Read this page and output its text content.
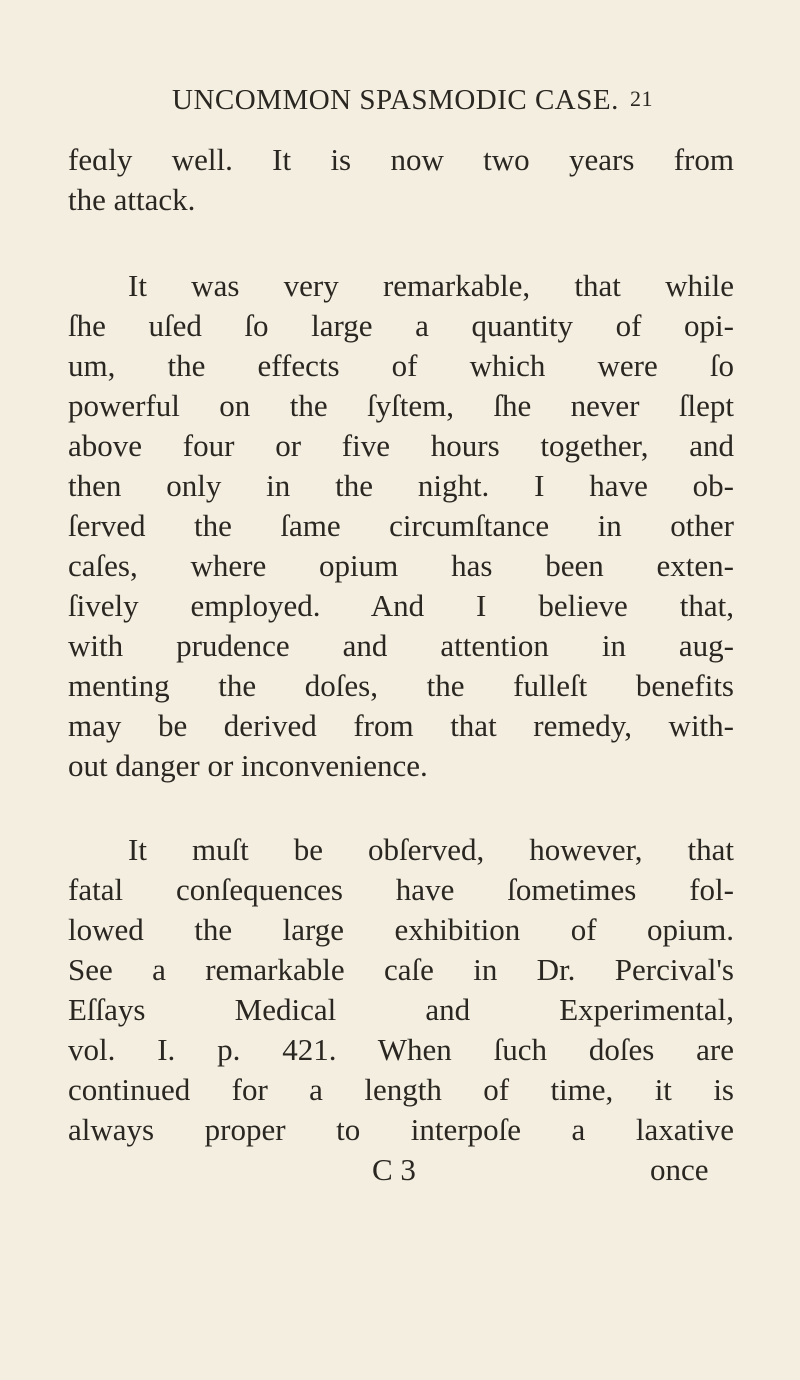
UNCOMMON SPASMODIC CASE. 21
feɑly well. It is now two years from
the attack.
It was very remarkable, that while
ſhe uſed ſo large a quantity of opi-
um, the effects of which were ſo
powerful on the ſyſtem, ſhe never ſlept
above four or five hours together, and
then only in the night. I have ob-
ſerved the ſame circumſtance in other
caſes, where opium has been exten-
ſively employed. And I believe that,
with prudence and attention in aug-
menting the doſes, the fulleſt benefits
may be derived from that remedy, with-
out danger or inconvenience.
It muſt be obſerved, however, that
fatal conſequences have ſometimes fol-
lowed the large exhibition of opium.
See a remarkable caſe in Dr. Percival's
Eſſays Medical and Experimental,
vol. I. p. 421. When ſuch doſes are
continued for a length of time, it is
always proper to interpoſe a laxative
C 3	once
